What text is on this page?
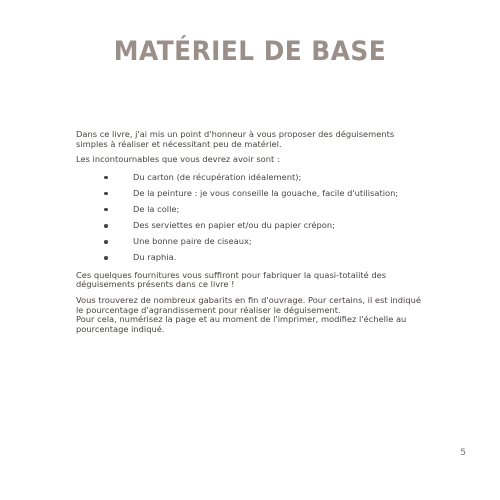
MATÉRIEL DE BASE

Dans ce livre, j'ai mis un point d'honneur à vous proposer des déguisements simples à réaliser et nécessitant peu de matériel.

Les incontournables que vous devrez avoir sont :

Du carton (de récupération idéalement);
De la peinture : je vous conseille la gouache, facile d'utilisation;
De la colle;
Des serviettes en papier et/ou du papier crépon;
Une bonne paire de ciseaux;
Du raphia.

Ces quelques fournitures vous suffiront pour fabriquer la quasi-totalité des déguisements présents dans ce livre !

Vous trouverez de nombreux gabarits en fin d'ouvrage. Pour certains, il est indiqué le pourcentage d'agrandissement pour réaliser le déguisement.

Pour cela, numérisez la page et au moment de l'imprimer, modifiez l'échelle au pourcentage indiqué.

5
